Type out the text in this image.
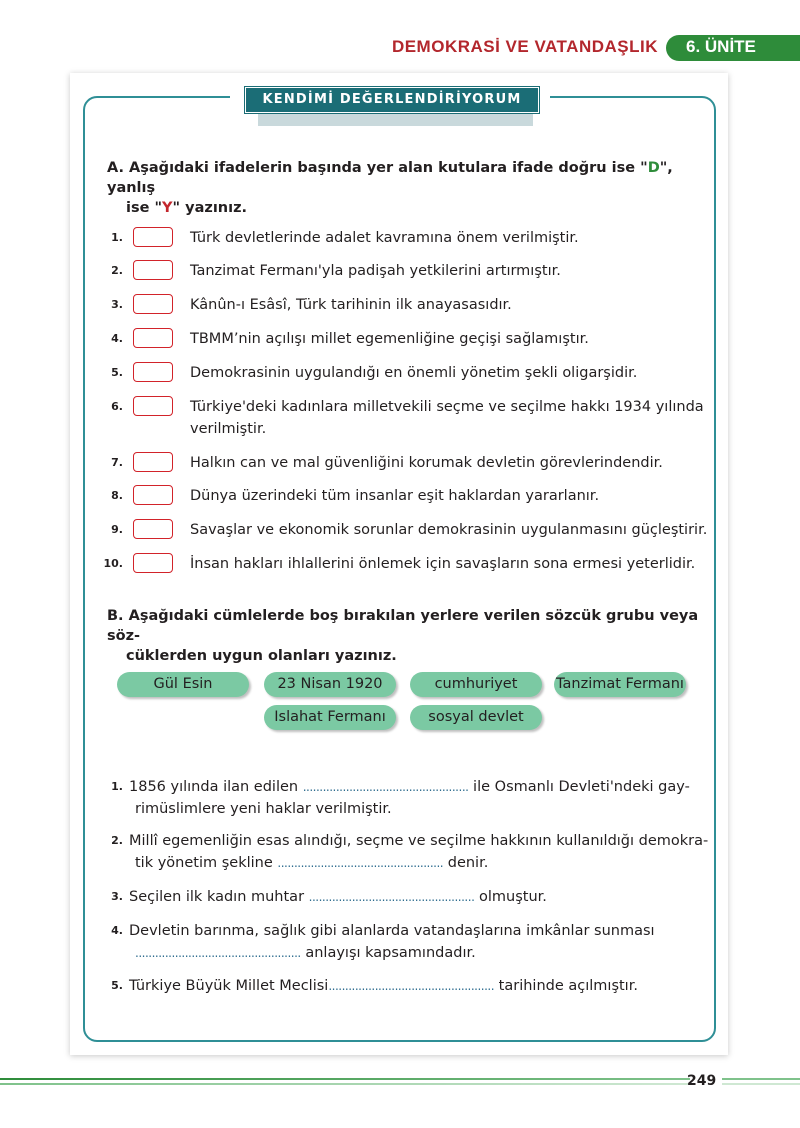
DEMOKRASİ VE VATANDAŞLIK 6. ÜNİTE
KENDİMİ DEĞERLENDİRİYORUM
A. Aşağıdaki ifadelerin başında yer alan kutulara ifade doğru ise "D", yanlış
ise "Y" yazınız.
1.	Türk devletlerinde adalet kavramına önem verilmiştir.
2.	Tanzimat Fermanı'yla padişah yetkilerini artırmıştır.
3.	Kânûn-ı Esâsî, Türk tarihinin ilk anayasasıdır.
4.	TBMM’nin açılışı millet egemenliğine geçişi sağlamıştır.
5.	Demokrasinin uygulandığı en önemli yönetim şekli oligarşidir.
6.	Türkiye'deki kadınlara milletvekili seçme ve seçilme hakkı 1934 yılında
verilmiştir.
7.	Halkın can ve mal güvenliğini korumak devletin görevlerindendir.
8.	Dünya üzerindeki tüm insanlar eşit haklardan yararlanır.
9.	Savaşlar ve ekonomik sorunlar demokrasinin uygulanmasını güçleştirir.
10.	İnsan hakları ihlallerini önlemek için savaşların sona ermesi yeterlidir.
B. Aşağıdaki cümlelerde boş bırakılan yerlere verilen sözcük grubu veya söz-
cüklerden uygun olanları yazınız.
Gül Esin	23 Nisan 1920	cumhuriyet	Tanzimat Fermanı
Islahat Fermanı	sosyal devlet
1. 1856 yılında ilan edilen .................................................. ile Osmanlı Devleti'ndeki gay-
rimüslimlere yeni haklar verilmiştir.
2. Millî egemenliğin esas alındığı, seçme ve seçilme hakkının kullanıldığı demokra-
tik yönetim şekline .................................................. denir.
3. Seçilen ilk kadın muhtar .................................................. olmuştur.
4. Devletin barınma, sağlık gibi alanlarda vatandaşlarına imkânlar sunması
.................................................. anlayışı kapsamındadır.
5. Türkiye Büyük Millet Meclisi.................................................. tarihinde açılmıştır.
249
